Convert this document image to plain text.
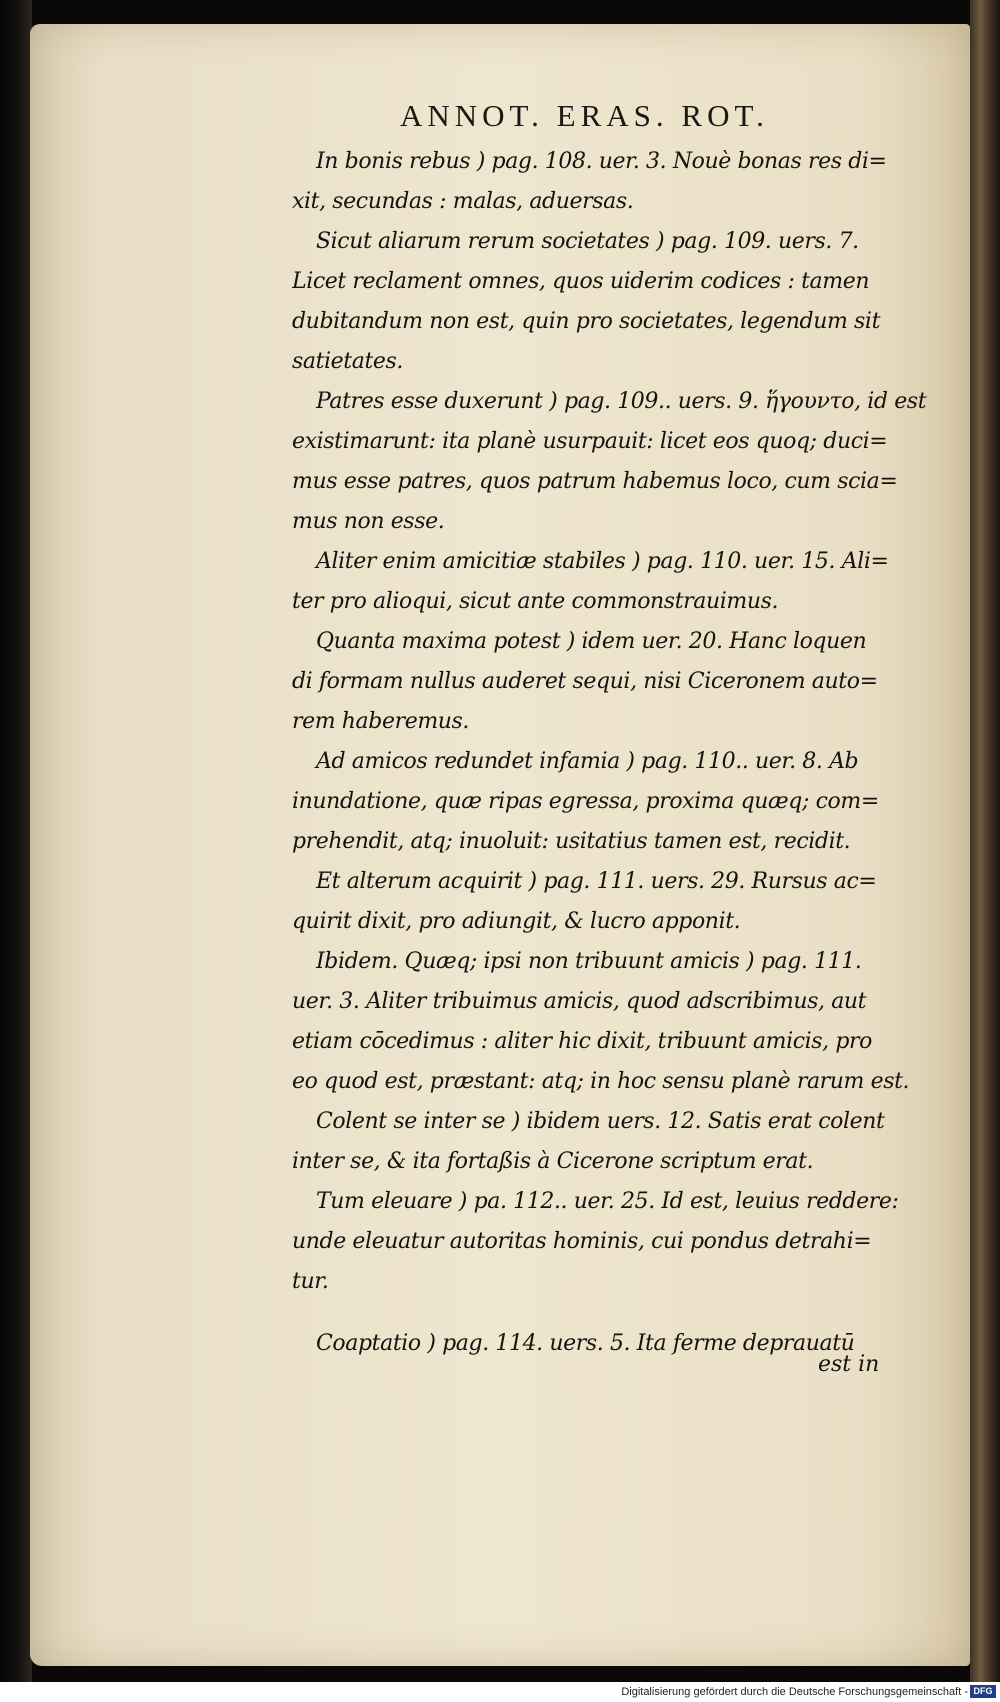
ANNOT. ERAS. ROT.
In bonis rebus ) pag. 108. uer. 3. Nouè bonas res di=
xit, secundas : malas, aduersas.
Sicut aliarum rerum societates ) pag. 109. uers. 7.
Licet reclament omnes, quos uiderim codices : tamen
dubitandum non est, quin pro societates, legendum sit
satietates.
Patres esse duxerunt ) pag. 109.. uers. 9. ἥγουντο, id est
existimarunt: ita planè usurpauit: licet eos quoq; duci=
mus esse patres, quos patrum habemus loco, cum scia=
mus non esse.
Aliter enim amicitiæ stabiles ) pag. 110. uer. 15. Ali=
ter pro alioqui, sicut ante commonstrauimus.
Quanta maxima potest ) idem uer. 20. Hanc loquen
di formam nullus auderet sequi, nisi Ciceronem auto=
rem haberemus.
Ad amicos redundet infamia ) pag. 110.. uer. 8. Ab
inundatione, quæ ripas egressa, proxima quæq; com=
prehendit, atq; inuoluit: usitatius tamen est, recidit.
Et alterum acquirit ) pag. 111. uers. 29. Rursus ac=
quirit dixit, pro adiungit, & lucro apponit.
Ibidem. Quæq; ipsi non tribuunt amicis ) pag. 111.
uer. 3. Aliter tribuimus amicis, quod adscribimus, aut
etiam cōcedimus : aliter hic dixit, tribuunt amicis, pro
eo quod est, præstant: atq; in hoc sensu planè rarum est.
Colent se inter se ) ibidem uers. 12. Satis erat colent
inter se, & ita fortaßis à Cicerone scriptum erat.
Tum eleuare ) pa. 112.. uer. 25. Id est, leuius reddere:
unde eleuatur autoritas hominis, cui pondus detrahi=
tur.
Coaptatio ) pag. 114. uers. 5. Ita ferme deprauatū
est in
Digitalisierung gefördert durch die Deutsche Forschungsgemeinschaft - DFG
